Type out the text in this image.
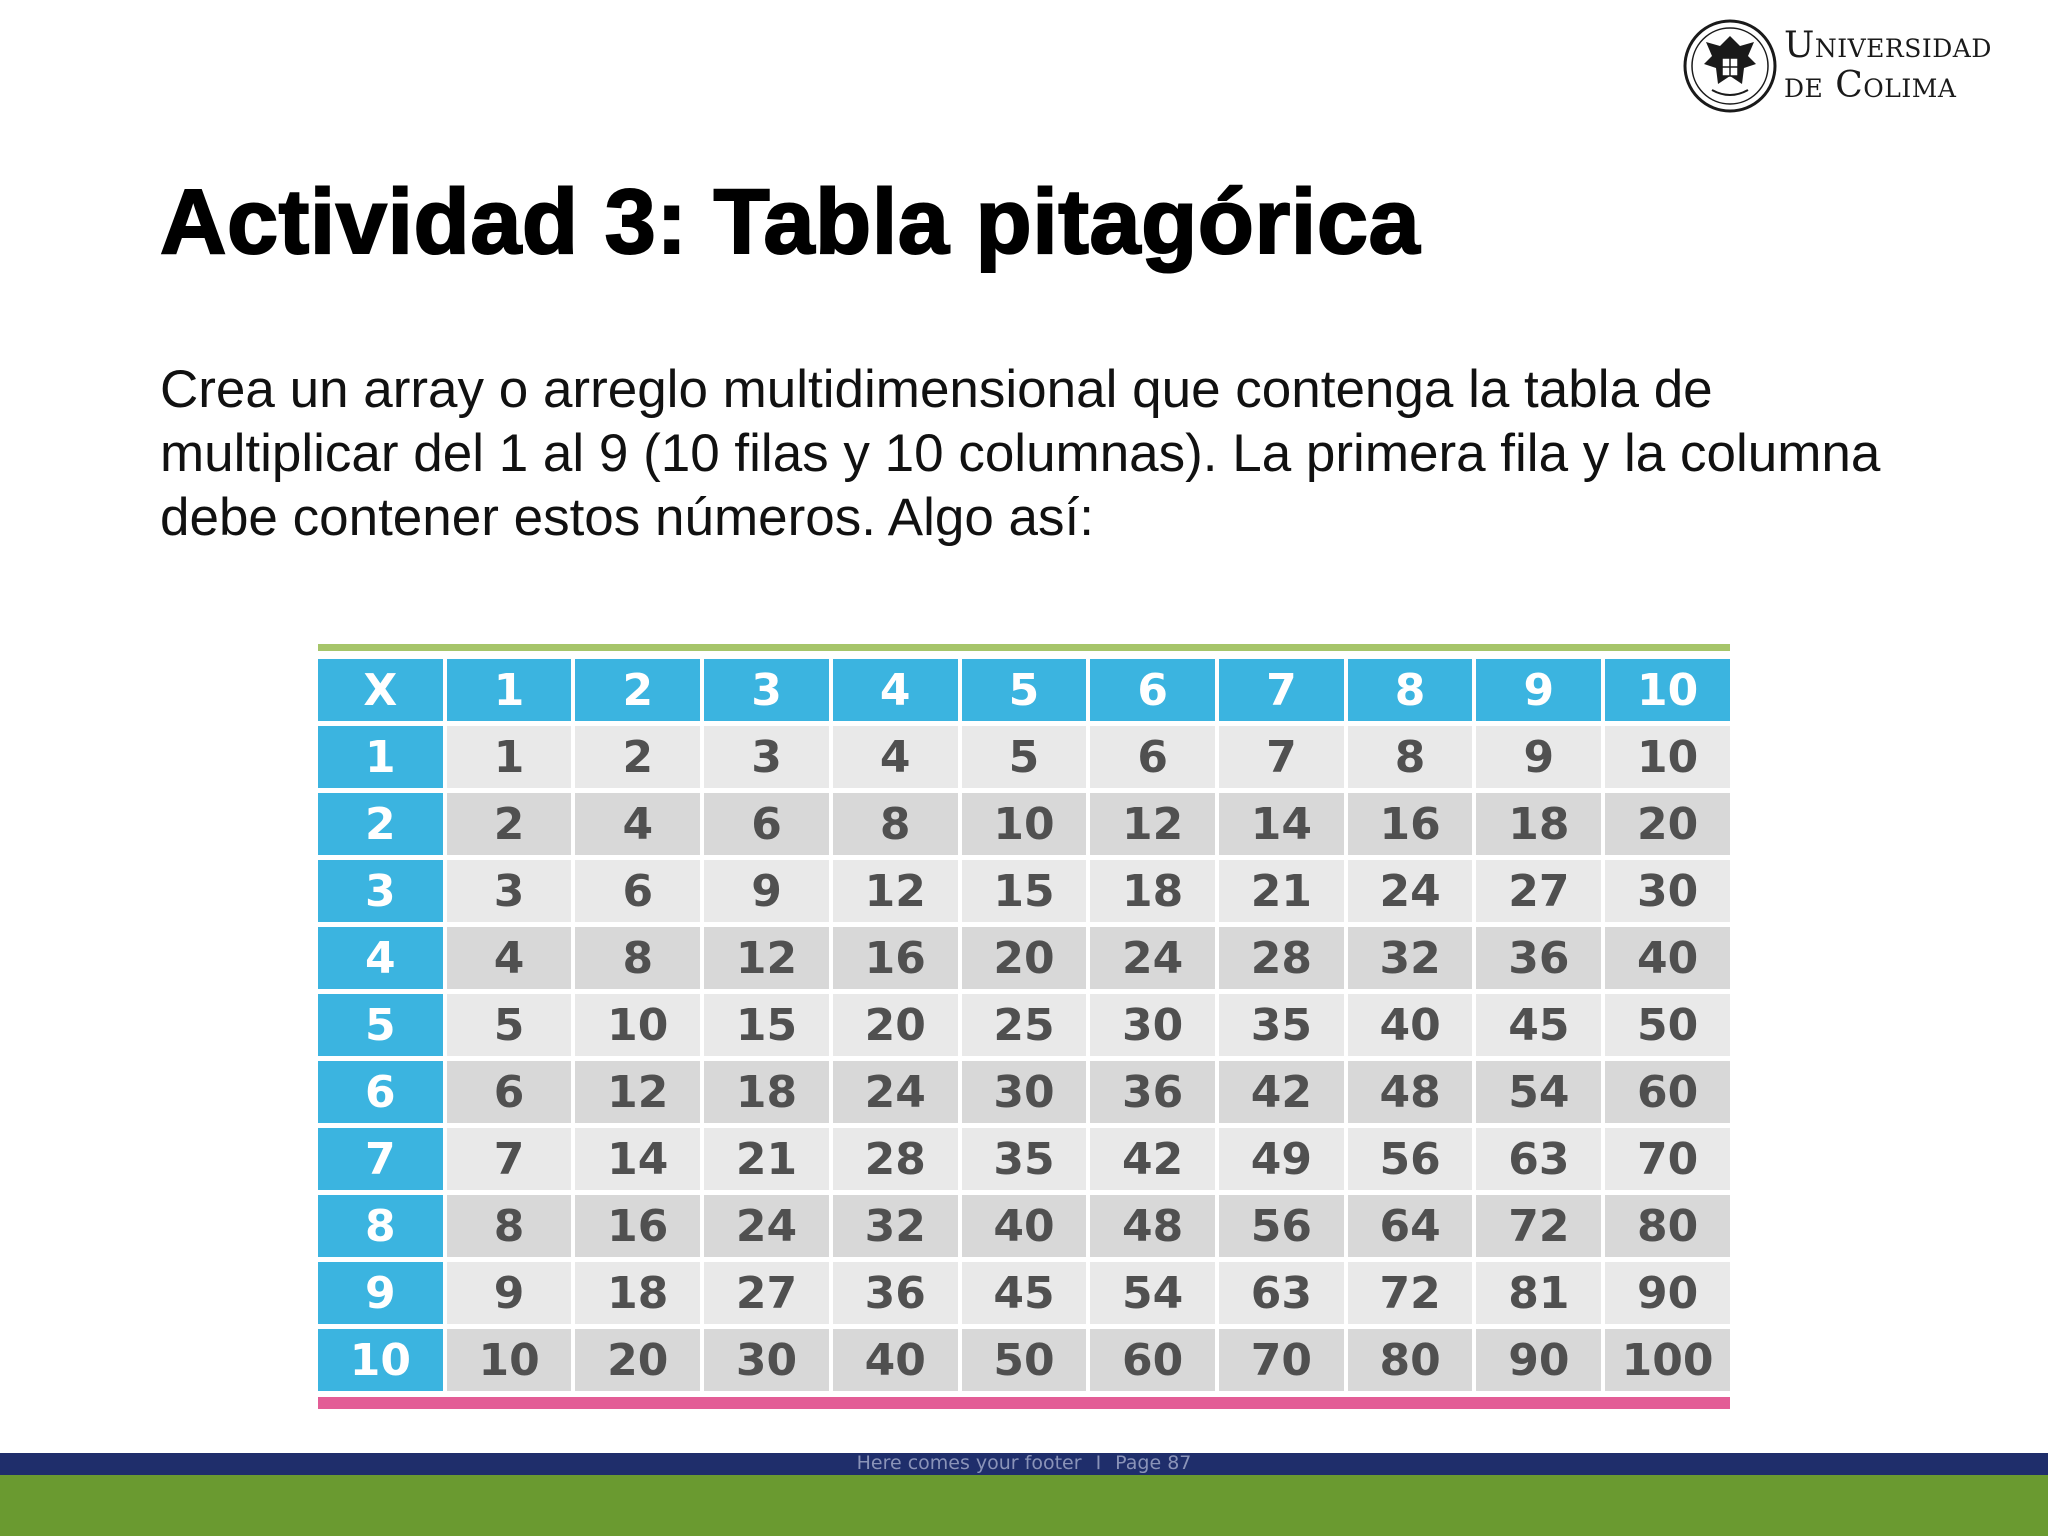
Universidad
de Colima
Actividad 3: Tabla pitagórica

Crea un array o arreglo multidimensional que contenga la tabla de multiplicar del 1 al 9 (10 filas y 10 columnas). La primera fila y la columna debe contener estos números. Algo así:

X	1	2	3	4	5	6	7	8	9	10
1	1	2	3	4	5	6	7	8	9	10
2	2	4	6	8	10	12	14	16	18	20
3	3	6	9	12	15	18	21	24	27	30
4	4	8	12	16	20	24	28	32	36	40
5	5	10	15	20	25	30	35	40	45	50
6	6	12	18	24	30	36	42	48	54	60
7	7	14	21	28	35	42	49	56	63	70
8	8	16	24	32	40	48	56	64	72	80
9	9	18	27	36	45	54	63	72	81	90
10	10	20	30	40	50	60	70	80	90	100
Here comes your footer Ι Page 87
